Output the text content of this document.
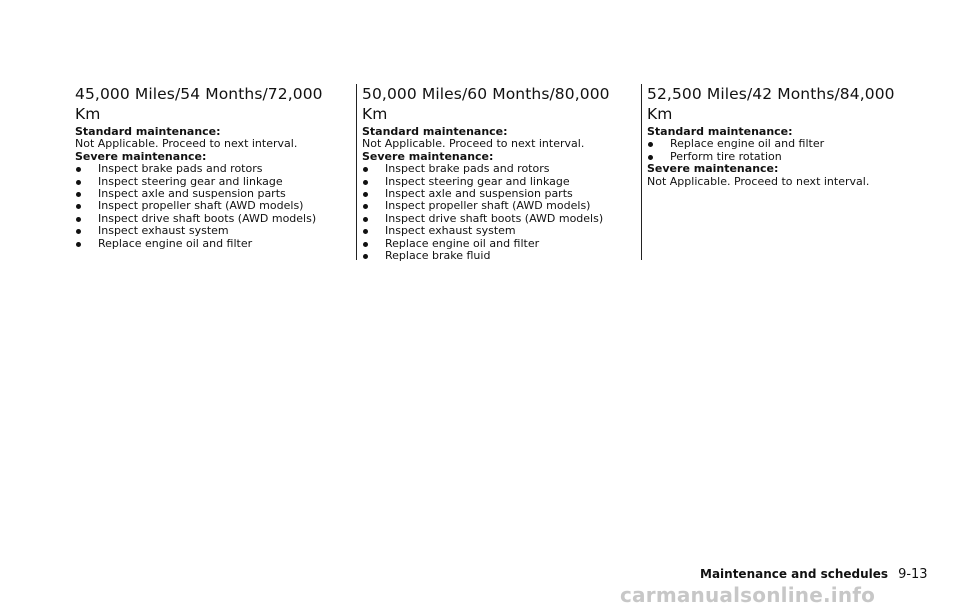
45,000 Miles/54 Months/72,000 Km

Standard maintenance:

Not Applicable. Proceed to next interval.

Severe maintenance:

Inspect brake pads and rotors
Inspect steering gear and linkage
Inspect axle and suspension parts
Inspect propeller shaft (AWD models)
Inspect drive shaft boots (AWD models)
Inspect exhaust system
Replace engine oil and filter
50,000 Miles/60 Months/80,000 Km

Standard maintenance:

Not Applicable. Proceed to next interval.

Severe maintenance:

Inspect brake pads and rotors
Inspect steering gear and linkage
Inspect axle and suspension parts
Inspect propeller shaft (AWD models)
Inspect drive shaft boots (AWD models)
Inspect exhaust system
Replace engine oil and filter
Replace brake fluid
52,500 Miles/42 Months/84,000 Km

Standard maintenance:

Replace engine oil and filter
Perform tire rotation

Severe maintenance:

Not Applicable. Proceed to next interval.

Maintenance and schedules 9-13
carmanualsonline.info
